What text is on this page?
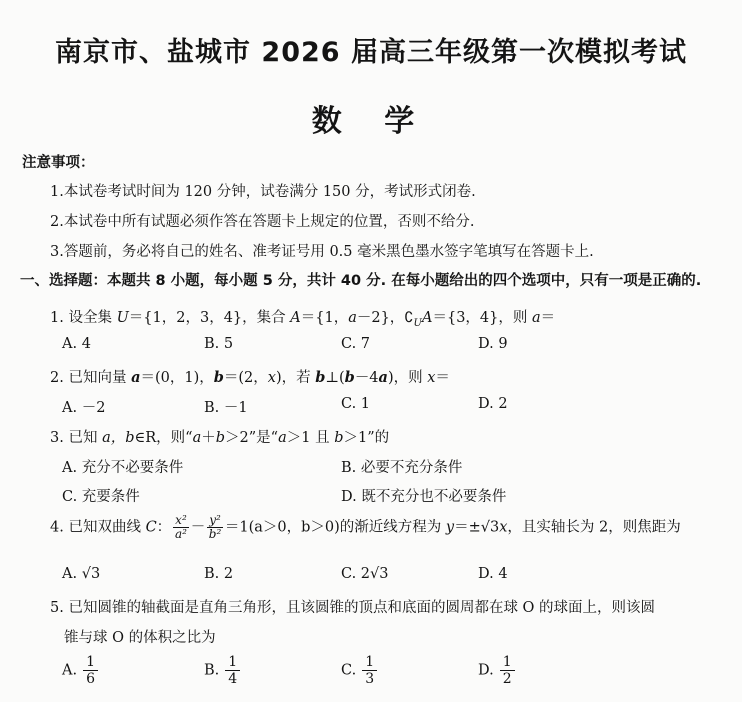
南京市、盐城市 2026 届高三年级第一次模拟考试
数 学
注意事项：
1.本试卷考试时间为 120 分钟，试卷满分 150 分，考试形式闭卷.
2.本试卷中所有试题必须作答在答题卡上规定的位置，否则不给分.
3.答题前，务必将自己的姓名、准考证号用 0.5 毫米黑色墨水签字笔填写在答题卡上.
一、选择题：本题共 8 小题，每小题 5 分，共计 40 分. 在每小题给出的四个选项中，只有一项是正确的.
1. 设全集 U＝{1，2，3，4}，集合 A＝{1，a－2}，$∁_UA=\{3$，4}，则 a＝
A. 4	B. 5	C. 7	D. 9
2. 已知向量 a＝(0，1)，b＝(2，x)，若 b⊥(b－4a)，则 x＝
A. －2	B. －1	C. 1	D. 2
3. 已知 a，b∈R，则“a＋b＞2”是“a＞1 且 b＞1”的
A. 充分不必要条件	B. 必要不充分条件
C. 充要条件	D. 既不充分也不必要条件
4. 已知双曲线 C： $\frac{\text{x²}}{\text{a²}} - \frac{\text{y²}}{\text{b²}} =1(a>0$，b＞0)的渐近线方程为 y＝±√3x，且实轴长为 2，则焦距为
A. √3	B. 2	C. 2√3	D. 4
5. 已知圆锥的轴截面是直角三角形，且该圆锥的顶点和底面的圆周都在球 O 的球面上，则该圆
锥与球 O 的体积之比为
A. $\frac{1}{6}$	B. $\frac{1}{4}$	C. $\frac{1}{3}$	D. $\frac{1}{2}$
